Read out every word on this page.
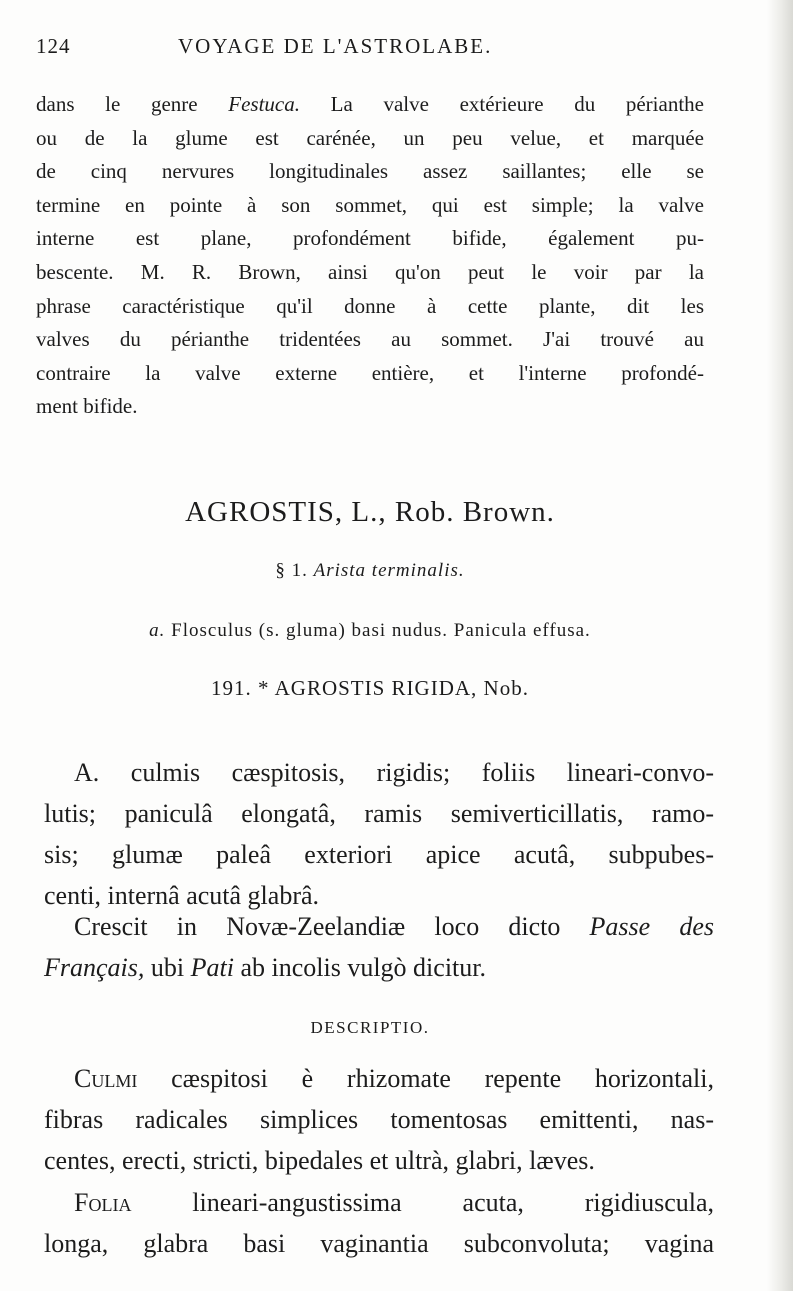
124	VOYAGE DE L'ASTROLABE.
dans le genre Festuca. La valve extérieure du périanthe
ou de la glume est carénée, un peu velue, et marquée
de cinq nervures longitudinales assez saillantes; elle se
termine en pointe à son sommet, qui est simple; la valve
interne est plane, profondément bifide, également pu-
bescente. M. R. Brown, ainsi qu'on peut le voir par la
phrase caractéristique qu'il donne à cette plante, dit les
valves du périanthe tridentées au sommet. J'ai trouvé au
contraire la valve externe entière, et l'interne profondé-
ment bifide.
AGROSTIS, L., Rob. Brown.
§ 1. Arista terminalis.
a. Flosculus (s. gluma) basi nudus. Panicula effusa.
191. * AGROSTIS RIGIDA, Nob.
A. culmis cæspitosis, rigidis; foliis lineari-convo-
lutis; paniculâ elongatâ, ramis semiverticillatis, ramo-
sis; glumæ paleâ exteriori apice acutâ, subpubes-
centi, internâ acutâ glabrâ.
Crescit in Novæ-Zeelandiæ loco dicto Passe des
Français, ubi Pati ab incolis vulgò dicitur.
DESCRIPTIO.
Culmi cæspitosi è rhizomate repente horizontali,
fibras radicales simplices tomentosas emittenti, nas-
centes, erecti, stricti, bipedales et ultrà, glabri, læves.
Folia lineari-angustissima acuta, rigidiuscula,
longa, glabra basi vaginantia subconvoluta; vagina
